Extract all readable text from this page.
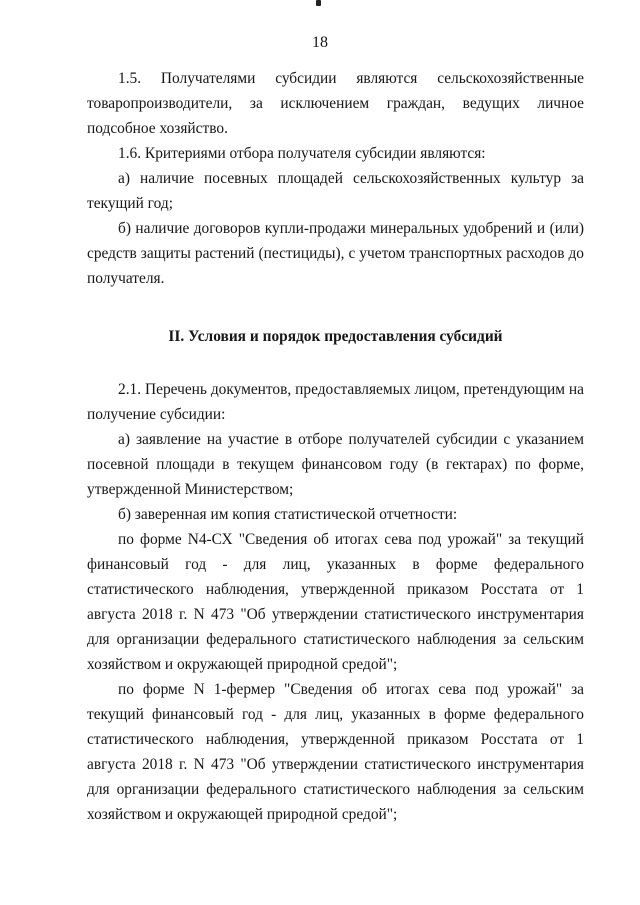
18

1.5. Получателями субсидии являются сельскохозяйственные товаропроизводители, за исключением граждан, ведущих личное подсобное хозяйство.

1.6. Критериями отбора получателя субсидии являются:

а) наличие посевных площадей сельскохозяйственных культур за текущий год;

б) наличие договоров купли-продажи минеральных удобрений и (или) средств защиты растений (пестициды), с учетом транспортных расходов до получателя.

II. Условия и порядок предоставления субсидий

2.1. Перечень документов, предоставляемых лицом, претендующим на получение субсидии:

а) заявление на участие в отборе получателей субсидии с указанием посевной площади в текущем финансовом году (в гектарах) по форме, утвержденной Министерством;

б) заверенная им копия статистической отчетности:

по форме N4-СХ "Сведения об итогах сева под урожай" за текущий финансовый год - для лиц, указанных в форме федерального статистического наблюдения, утвержденной приказом Росстата от 1 августа 2018 г. N 473 "Об утверждении статистического инструментария для организации федерального статистического наблюдения за сельским хозяйством и окружающей природной средой";

по форме N 1-фермер "Сведения об итогах сева под урожай" за текущий финансовый год - для лиц, указанных в форме федерального статистического наблюдения, утвержденной приказом Росстата от 1 августа 2018 г. N 473 "Об утверждении статистического инструментария для организации федерального статистического наблюдения за сельским хозяйством и окружающей природной средой";
